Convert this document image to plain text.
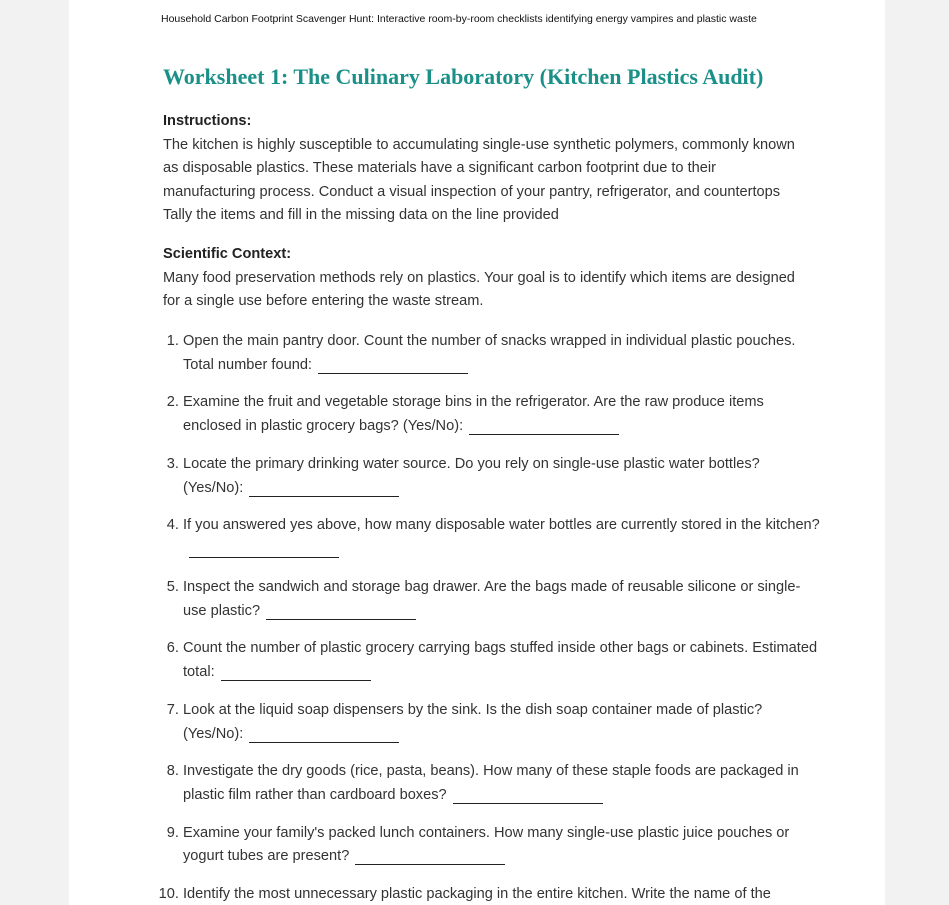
Household Carbon Footprint Scavenger Hunt: Interactive room-by-room checklists identifying energy vampires and plastic waste
Worksheet 1: The Culinary Laboratory (Kitchen Plastics Audit)
Instructions:
The kitchen is highly susceptible to accumulating single-use synthetic polymers, commonly known as disposable plastics. These materials have a significant carbon footprint due to their manufacturing process. Conduct a visual inspection of your pantry, refrigerator, and countertops Tally the items and fill in the missing data on the line provided
Scientific Context:
Many food preservation methods rely on plastics. Your goal is to identify which items are designed for a single use before entering the waste stream.
1. Open the main pantry door. Count the number of snacks wrapped in individual plastic pouches. Total number found:
2. Examine the fruit and vegetable storage bins in the refrigerator. Are the raw produce items enclosed in plastic grocery bags? (Yes/No):
3. Locate the primary drinking water source. Do you rely on single-use plastic water bottles? (Yes/No):
4. If you answered yes above, how many disposable water bottles are currently stored in the kitchen?
5. Inspect the sandwich and storage bag drawer. Are the bags made of reusable silicone or single-use plastic?
6. Count the number of plastic grocery carrying bags stuffed inside other bags or cabinets. Estimated total:
7. Look at the liquid soap dispensers by the sink. Is the dish soap container made of plastic? (Yes/No):
8. Investigate the dry goods (rice, pasta, beans). How many of these staple foods are packaged in plastic film rather than cardboard boxes?
9. Examine your family's packed lunch containers. How many single-use plastic juice pouches or yogurt tubes are present?
10. Identify the most unnecessary plastic packaging in the entire kitchen. Write the name of the
